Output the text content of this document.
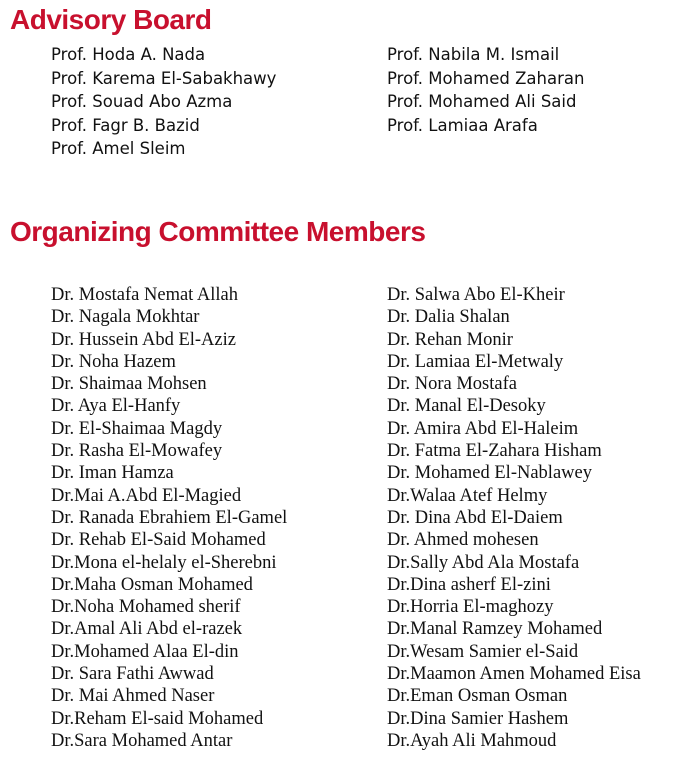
Advisory Board
Prof. Hoda A. Nada
Prof. Karema El-Sabakhawy
Prof. Souad Abo Azma
Prof. Fagr B. Bazid
Prof. Amel Sleim
Prof. Nabila M. Ismail
Prof. Mohamed Zaharan
Prof. Mohamed Ali Said
Prof. Lamiaa Arafa
Organizing Committee Members
Dr. Mostafa Nemat Allah
Dr. Nagala Mokhtar
Dr. Hussein Abd El-Aziz
Dr. Noha Hazem
Dr. Shaimaa Mohsen
Dr. Aya El-Hanfy
Dr. El-Shaimaa Magdy
Dr. Rasha El-Mowafey
Dr. Iman Hamza
Dr.Mai A.Abd El-Magied
Dr. Ranada Ebrahiem El-Gamel
Dr. Rehab El-Said Mohamed
Dr.Mona el-helaly el-Sherebni
Dr.Maha Osman Mohamed
Dr.Noha Mohamed sherif
Dr.Amal Ali Abd el-razek
Dr.Mohamed Alaa El-din
Dr. Sara Fathi Awwad
Dr. Mai Ahmed Naser
Dr.Reham El-said Mohamed
Dr.Sara Mohamed Antar
Dr. Salwa Abo El-Kheir
Dr. Dalia Shalan
Dr. Rehan Monir
Dr. Lamiaa El-Metwaly
Dr. Nora Mostafa
Dr. Manal El-Desoky
Dr. Amira Abd El-Haleim
Dr. Fatma El-Zahara Hisham
Dr. Mohamed El-Nablawey
Dr.Walaa Atef Helmy
Dr. Dina Abd El-Daiem
Dr. Ahmed mohesen
Dr.Sally Abd Ala Mostafa
Dr.Dina asherf El-zini
Dr.Horria El-maghozy
Dr.Manal Ramzey Mohamed
Dr.Wesam Samier el-Said
Dr.Maamon Amen Mohamed Eisa
Dr.Eman Osman Osman
Dr.Dina Samier Hashem
Dr.Ayah Ali Mahmoud
